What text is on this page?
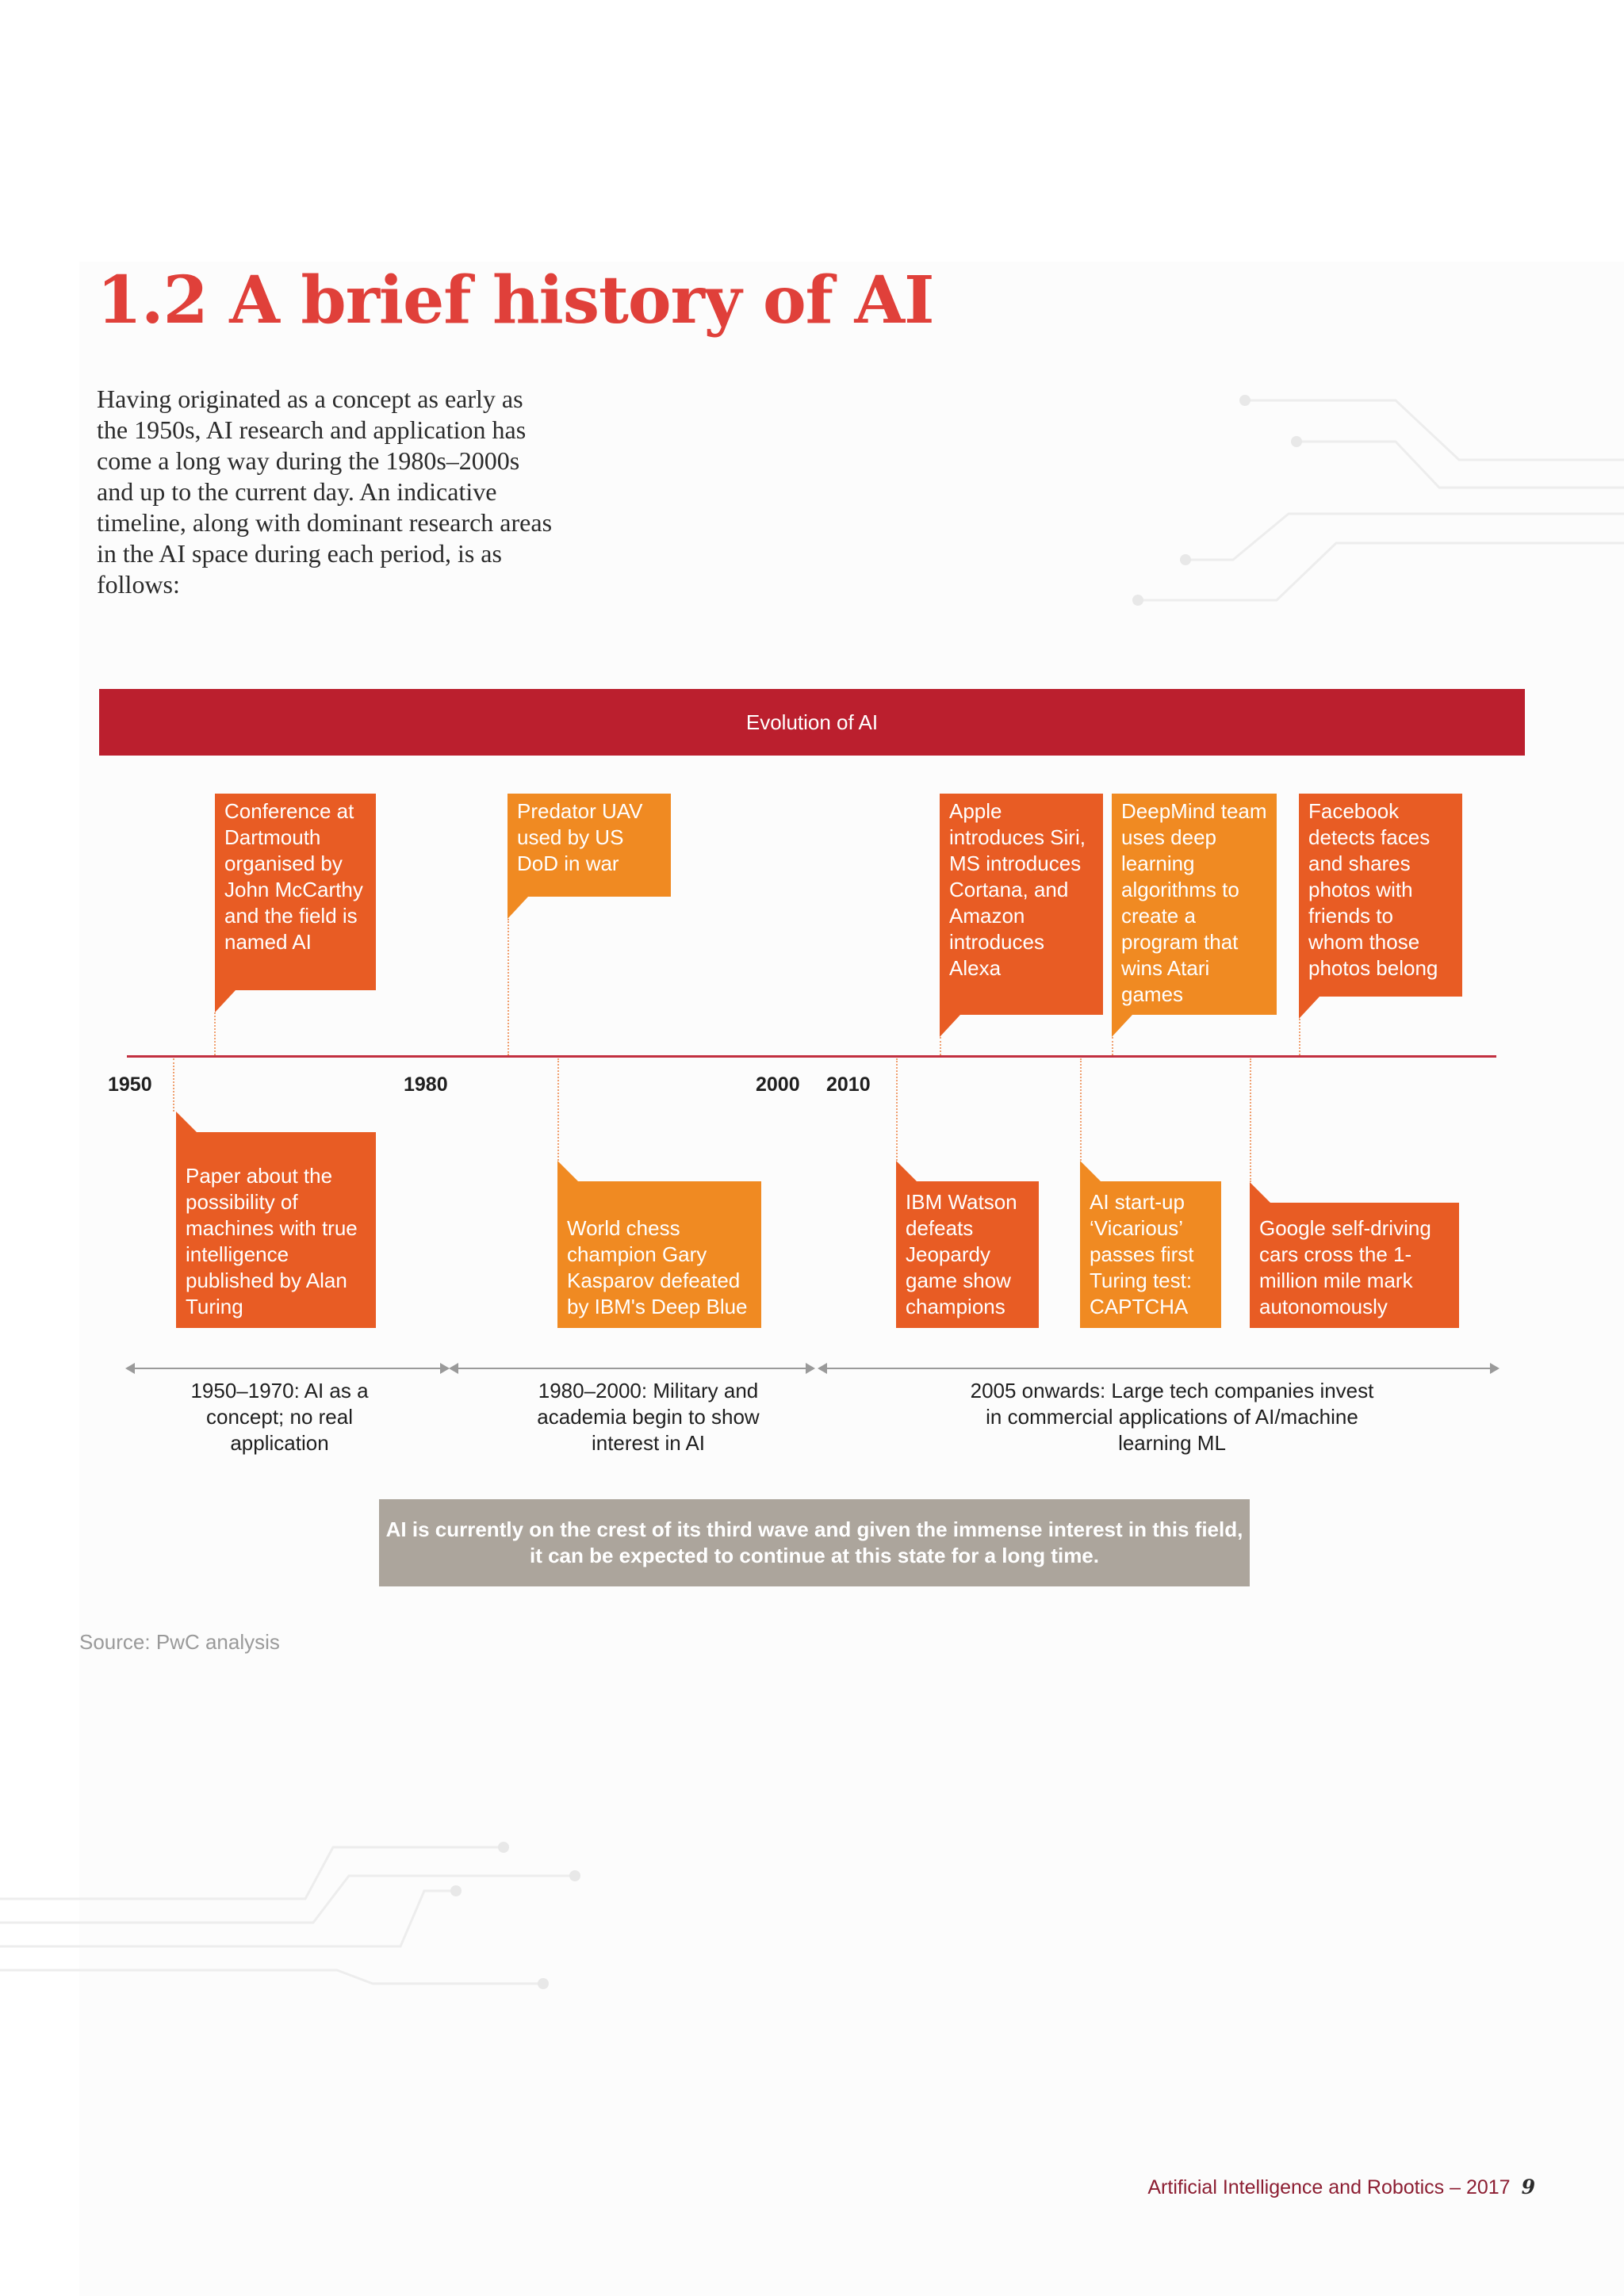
1.2 A brief history of AI

Having originated as a concept as early as the 1950s, AI research and application has come a long way during the 1980s–2000s and up to the current day. An indicative timeline, along with dominant research areas in the AI space during each period, is as follows:

Evolution of AI
Conference at Dartmouth organised by John McCarthy and the field is named AI
Predator UAV used by US DoD in war
Apple introduces Siri, MS introduces Cortana, and Amazon introduces Alexa
DeepMind team uses deep learning algorithms to create a program that wins Atari games
Facebook detects faces and shares photos with friends to whom those photos belong
1950	1980	2000 2010
Paper about the possibility of machines with true intelligence published by Alan Turing
World chess champion Gary Kasparov defeated by IBM's Deep Blue
IBM Watson defeats Jeopardy game show champions
AI start-up ‘Vicarious’ passes first Turing test: CAPTCHA
Google self-driving cars cross the 1-million mile mark autonomously
1950–1970: AI as a concept; no real application
1980–2000: Military and academia begin to show interest in AI
2005 onwards: Large tech companies invest in commercial applications of AI/machine learning ML
AI is currently on the crest of its third wave and given the immense interest in this field, it can be expected to continue at this state for a long time.
Source: PwC analysis
Artificial Intelligence and Robotics – 2017 9
